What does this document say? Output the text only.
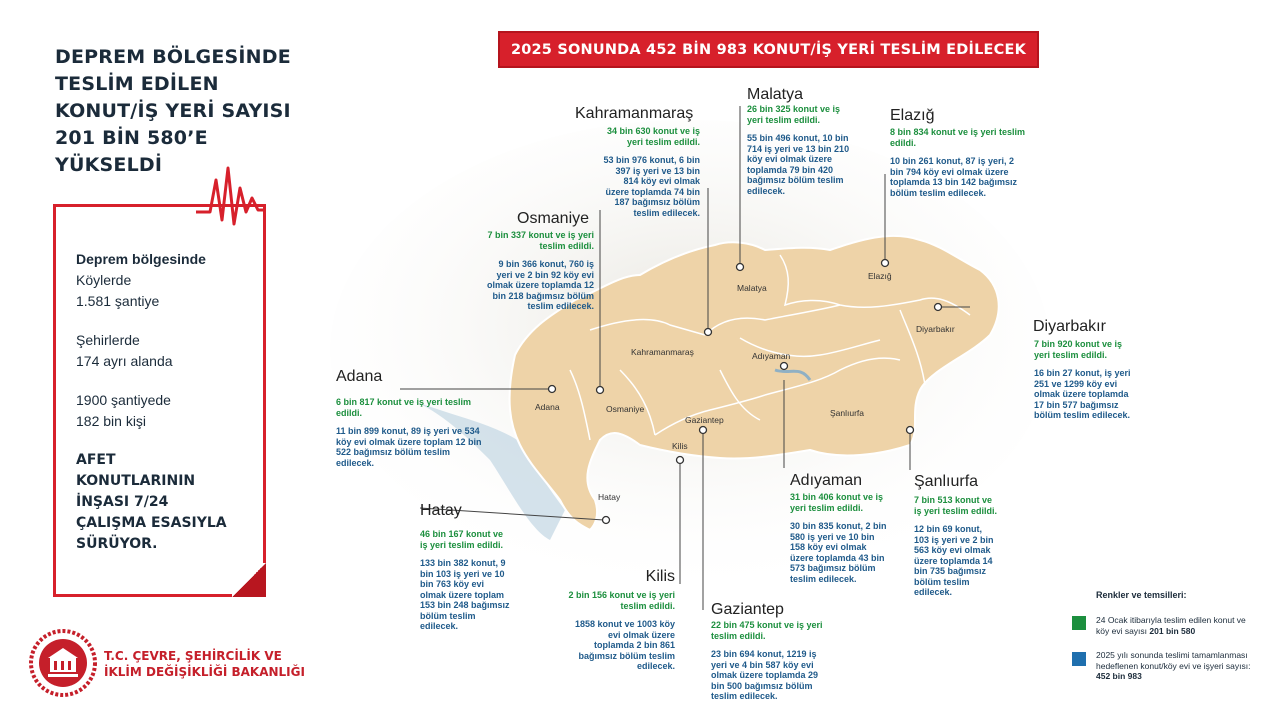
DEPREM BÖLGESİNDE
TESLİM EDİLEN
KONUT/İŞ YERİ SAYISI
201 BİN 580’E
YÜKSELDİ
Deprem bölgesinde
Köylerde
1.581 şantiye
Şehirlerde
174 ayrı alanda
1900 şantiyede
182 bin kişi
AFET
KONUTLARININ
İNŞASI 7/24
ÇALIŞMA ESASIYLA
SÜRÜYOR.
2025 SONUNDA 452 BİN 983 KONUT/İŞ YERİ TESLİM EDİLECEK
Malatya
Elazığ
Kahramanmaraş
Diyarbakır
Adıyaman
Adana	Osmaniye
Gaziantep
Kilis
Şanlıurfa
Hatay
Kahramanmaraş
34 bin 630 konut ve iş yeri teslim edildi.
53 bin 976 konut, 6 bin 397 iş yeri ve 13 bin 814 köy evi olmak üzere toplamda 74 bin 187 bağımsız bölüm teslim edilecek.
Malatya
26 bin 325 konut ve iş yeri teslim edildi.
55 bin 496 konut, 10 bin 714 iş yeri ve 13 bin 210 köy evi olmak üzere toplamda 79 bin 420 bağımsız bölüm teslim edilecek.
Elazığ
8 bin 834 konut ve iş yeri teslim edildi.
10 bin 261 konut, 87 iş yeri, 2 bin 794 köy evi olmak üzere toplamda 13 bin 142 bağımsız bölüm teslim edilecek.
Osmaniye
7 bin 337 konut ve iş yeri teslim edildi.
9 bin 366 konut, 760 iş yeri ve 2 bin 92 köy evi olmak üzere toplamda 12 bin 218 bağımsız bölüm teslim edilecek.
Diyarbakır
7 bin 920 konut ve iş yeri teslim edildi.
16 bin 27 konut, iş yeri 251 ve 1299 köy evi olmak üzere toplamda 17 bin 577 bağımsız bölüm teslim edilecek.
Adana
6 bin 817 konut ve iş yeri teslim edildi.
11 bin 899 konut, 89 iş yeri ve 534 köy evi olmak üzere toplam 12 bin 522 bağımsız bölüm teslim edilecek.
Hatay
46 bin 167 konut ve iş yeri teslim edildi.
133 bin 382 konut, 9 bin 103 iş yeri ve 10 bin 763 köy evi olmak üzere toplam 153 bin 248 bağımsız bölüm teslim edilecek.
Adıyaman
31 bin 406 konut ve iş yeri teslim edildi.
30 bin 835 konut, 2 bin 580 iş yeri ve 10 bin 158 köy evi olmak üzere toplamda 43 bin 573 bağımsız bölüm teslim edilecek.
Şanlıurfa
7 bin 513 konut ve iş yeri teslim edildi.
12 bin 69 konut, 103 iş yeri ve 2 bin 563 köy evi olmak üzere toplamda 14 bin 735 bağımsız bölüm teslim edilecek.
Kilis
2 bin 156 konut ve iş yeri teslim edildi.
1858 konut ve 1003 köy evi olmak üzere toplamda 2 bin 861 bağımsız bölüm teslim edilecek.
Gaziantep
22 bin 475 konut ve iş yeri teslim edildi.
23 bin 694 konut, 1219 iş yeri ve 4 bin 587 köy evi olmak üzere toplamda 29 bin 500 bağımsız bölüm teslim edilecek.
Renkler ve temsilleri:
24 Ocak itibarıyla teslim edilen konut ve köy evi sayısı 201 bin 580
2025 yılı sonunda teslimi tamamlanması hedeflenen konut/köy evi ve işyeri sayısı: 452 bin 983
T.C. ÇEVRE, ŞEHİRCİLİK VE
İKLİM DEĞİŞİKLİĞİ BAKANLIĞI
